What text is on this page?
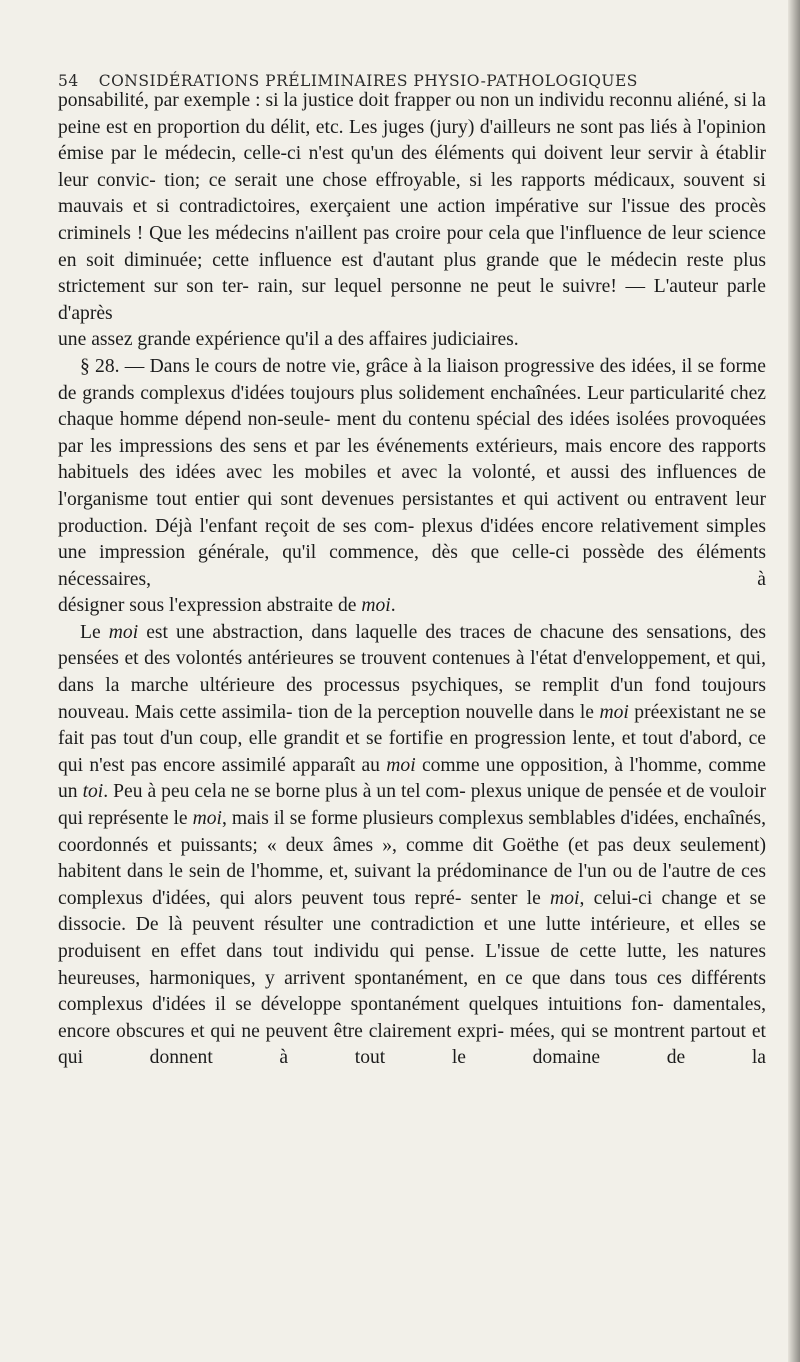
54 CONSIDÉRATIONS PRÉLIMINAIRES PHYSIO-PATHOLOGIQUES

ponsabilité, par exemple : si la justice doit frapper ou non un individu reconnu aliéné, si la peine est en proportion du délit, etc. Les juges (jury) d'ailleurs ne sont pas liés à l'opinion émise par le médecin, celle-ci n'est qu'un des éléments qui doivent leur servir à établir leur convic- tion; ce serait une chose effroyable, si les rapports médicaux, souvent si mauvais et si contradictoires, exerçaient une action impérative sur l'issue des procès criminels ! Que les médecins n'aillent pas croire pour cela que l'influence de leur science en soit diminuée; cette influence est d'autant plus grande que le médecin reste plus strictement sur son ter- rain, sur lequel personne ne peut le suivre! — L'auteur parle d'après

une assez grande expérience qu'il a des affaires judiciaires.

§ 28. — Dans le cours de notre vie, grâce à la liaison progressive des idées, il se forme de grands complexus d'idées toujours plus solidement enchaînées. Leur particularité chez chaque homme dépend non-seule- ment du contenu spécial des idées isolées provoquées par les impressions des sens et par les événements extérieurs, mais encore des rapports habituels des idées avec les mobiles et avec la volonté, et aussi des influences de l'organisme tout entier qui sont devenues persistantes et qui activent ou entravent leur production. Déjà l'enfant reçoit de ses com- plexus d'idées encore relativement simples une impression générale, qu'il commence, dès que celle-ci possède des éléments nécessaires, à

désigner sous l'expression abstraite de moi.

Le moi est une abstraction, dans laquelle des traces de chacune des sensations, des pensées et des volontés antérieures se trouvent contenues à l'état d'enveloppement, et qui, dans la marche ultérieure des processus psychiques, se remplit d'un fond toujours nouveau. Mais cette assimila- tion de la perception nouvelle dans le moi préexistant ne se fait pas tout d'un coup, elle grandit et se fortifie en progression lente, et tout d'abord, ce qui n'est pas encore assimilé apparaît au moi comme une opposition, à l'homme, comme un toi. Peu à peu cela ne se borne plus à un tel com- plexus unique de pensée et de vouloir qui représente le moi, mais il se forme plusieurs complexus semblables d'idées, enchaînés, coordonnés et puissants; « deux âmes », comme dit Goëthe (et pas deux seulement) habitent dans le sein de l'homme, et, suivant la prédominance de l'un ou de l'autre de ces complexus d'idées, qui alors peuvent tous repré- senter le moi, celui-ci change et se dissocie. De là peuvent résulter une contradiction et une lutte intérieure, et elles se produisent en effet dans tout individu qui pense. L'issue de cette lutte, les natures heureuses, harmoniques, y arrivent spontanément, en ce que dans tous ces différents complexus d'idées il se développe spontanément quelques intuitions fon- damentales, encore obscures et qui ne peuvent être clairement expri- mées, qui se montrent partout et qui donnent à tout le domaine de la
